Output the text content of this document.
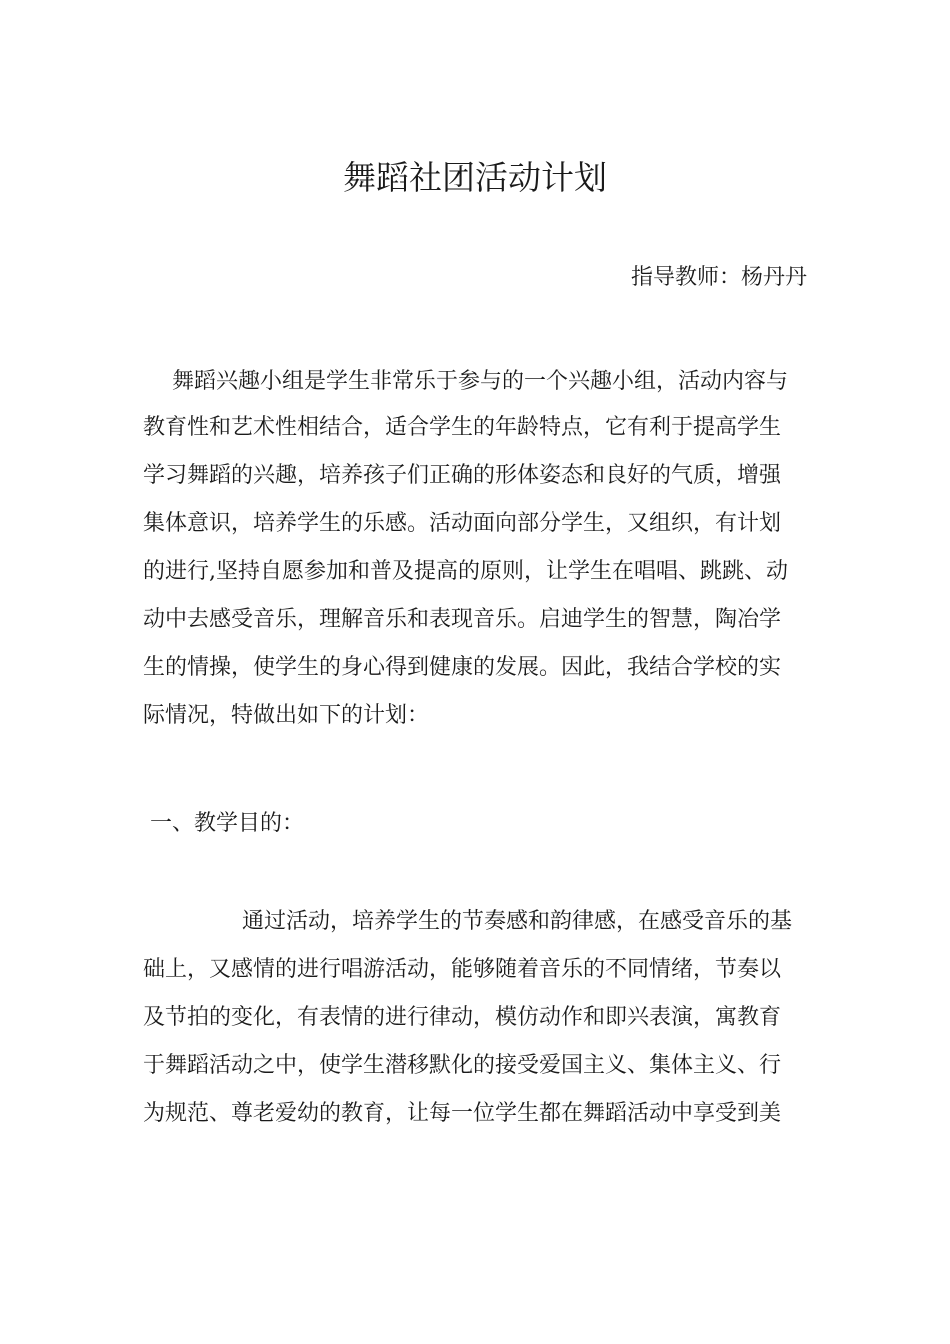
舞蹈社团活动计划
指导教师：杨丹丹
舞蹈兴趣小组是学生非常乐于参与的一个兴趣小组，活动内容与
教育性和艺术性相结合，适合学生的年龄特点，它有利于提高学生
学习舞蹈的兴趣，培养孩子们正确的形体姿态和良好的气质，增强
集体意识，培养学生的乐感。活动面向部分学生，又组织，有计划
的进行,坚持自愿参加和普及提高的原则，让学生在唱唱、跳跳、动
动中去感受音乐，理解音乐和表现音乐。启迪学生的智慧，陶冶学
生的情操，使学生的身心得到健康的发展。因此，我结合学校的实
际情况，特做出如下的计划：
一、教学目的：
通过活动，培养学生的节奏感和韵律感，在感受音乐的基
础上，又感情的进行唱游活动，能够随着音乐的不同情绪，节奏以
及节拍的变化，有表情的进行律动，模仿动作和即兴表演，寓教育
于舞蹈活动之中，使学生潜移默化的接受爱国主义、集体主义、行
为规范、尊老爱幼的教育，让每一位学生都在舞蹈活动中享受到美
